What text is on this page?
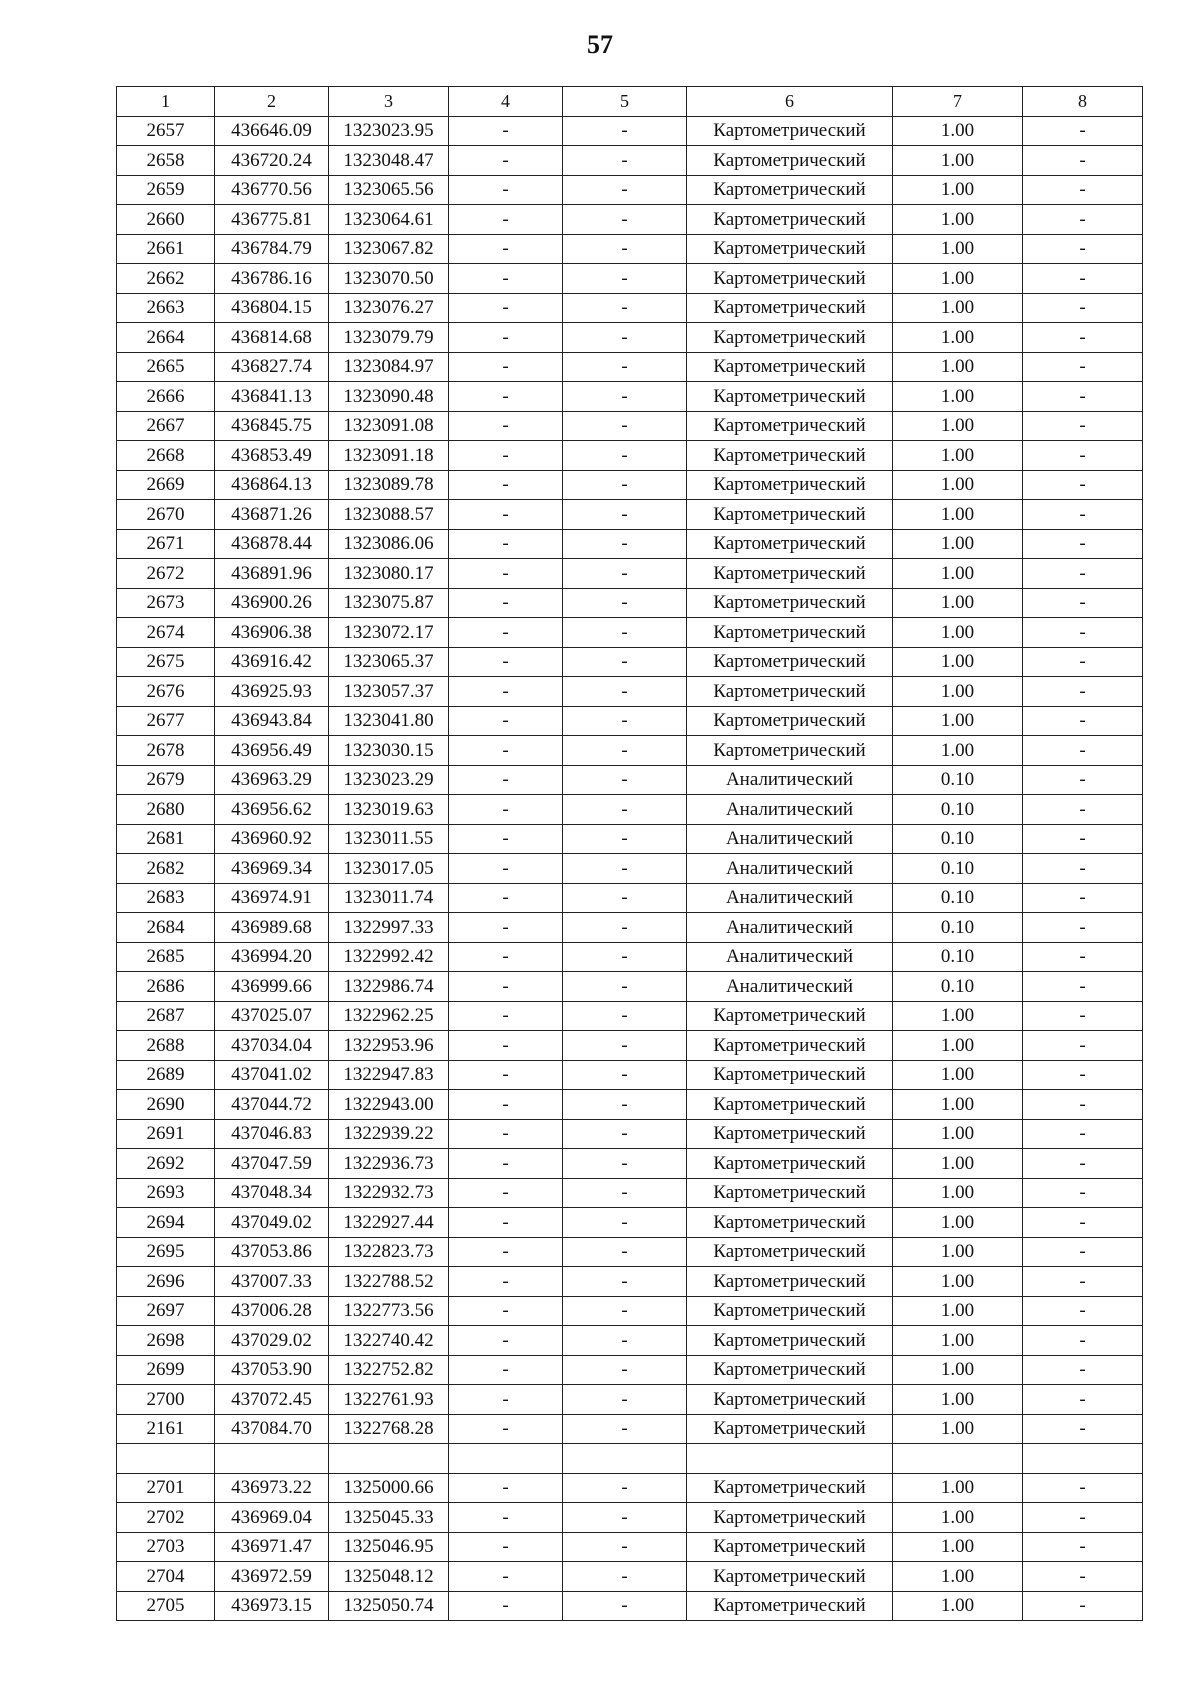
57
1	2	3	4	5	6	7	8
2657	436646.09	1323023.95	-	-	Картометрический	1.00	-
2658	436720.24	1323048.47	-	-	Картометрический	1.00	-
2659	436770.56	1323065.56	-	-	Картометрический	1.00	-
2660	436775.81	1323064.61	-	-	Картометрический	1.00	-
2661	436784.79	1323067.82	-	-	Картометрический	1.00	-
2662	436786.16	1323070.50	-	-	Картометрический	1.00	-
2663	436804.15	1323076.27	-	-	Картометрический	1.00	-
2664	436814.68	1323079.79	-	-	Картометрический	1.00	-
2665	436827.74	1323084.97	-	-	Картометрический	1.00	-
2666	436841.13	1323090.48	-	-	Картометрический	1.00	-
2667	436845.75	1323091.08	-	-	Картометрический	1.00	-
2668	436853.49	1323091.18	-	-	Картометрический	1.00	-
2669	436864.13	1323089.78	-	-	Картометрический	1.00	-
2670	436871.26	1323088.57	-	-	Картометрический	1.00	-
2671	436878.44	1323086.06	-	-	Картометрический	1.00	-
2672	436891.96	1323080.17	-	-	Картометрический	1.00	-
2673	436900.26	1323075.87	-	-	Картометрический	1.00	-
2674	436906.38	1323072.17	-	-	Картометрический	1.00	-
2675	436916.42	1323065.37	-	-	Картометрический	1.00	-
2676	436925.93	1323057.37	-	-	Картометрический	1.00	-
2677	436943.84	1323041.80	-	-	Картометрический	1.00	-
2678	436956.49	1323030.15	-	-	Картометрический	1.00	-
2679	436963.29	1323023.29	-	-	Аналитический	0.10	-
2680	436956.62	1323019.63	-	-	Аналитический	0.10	-
2681	436960.92	1323011.55	-	-	Аналитический	0.10	-
2682	436969.34	1323017.05	-	-	Аналитический	0.10	-
2683	436974.91	1323011.74	-	-	Аналитический	0.10	-
2684	436989.68	1322997.33	-	-	Аналитический	0.10	-
2685	436994.20	1322992.42	-	-	Аналитический	0.10	-
2686	436999.66	1322986.74	-	-	Аналитический	0.10	-
2687	437025.07	1322962.25	-	-	Картометрический	1.00	-
2688	437034.04	1322953.96	-	-	Картометрический	1.00	-
2689	437041.02	1322947.83	-	-	Картометрический	1.00	-
2690	437044.72	1322943.00	-	-	Картометрический	1.00	-
2691	437046.83	1322939.22	-	-	Картометрический	1.00	-
2692	437047.59	1322936.73	-	-	Картометрический	1.00	-
2693	437048.34	1322932.73	-	-	Картометрический	1.00	-
2694	437049.02	1322927.44	-	-	Картометрический	1.00	-
2695	437053.86	1322823.73	-	-	Картометрический	1.00	-
2696	437007.33	1322788.52	-	-	Картометрический	1.00	-
2697	437006.28	1322773.56	-	-	Картометрический	1.00	-
2698	437029.02	1322740.42	-	-	Картометрический	1.00	-
2699	437053.90	1322752.82	-	-	Картометрический	1.00	-
2700	437072.45	1322761.93	-	-	Картометрический	1.00	-
2161	437084.70	1322768.28	-	-	Картометрический	1.00	-

2701	436973.22	1325000.66	-	-	Картометрический	1.00	-
2702	436969.04	1325045.33	-	-	Картометрический	1.00	-
2703	436971.47	1325046.95	-	-	Картометрический	1.00	-
2704	436972.59	1325048.12	-	-	Картометрический	1.00	-
2705	436973.15	1325050.74	-	-	Картометрический	1.00	-
